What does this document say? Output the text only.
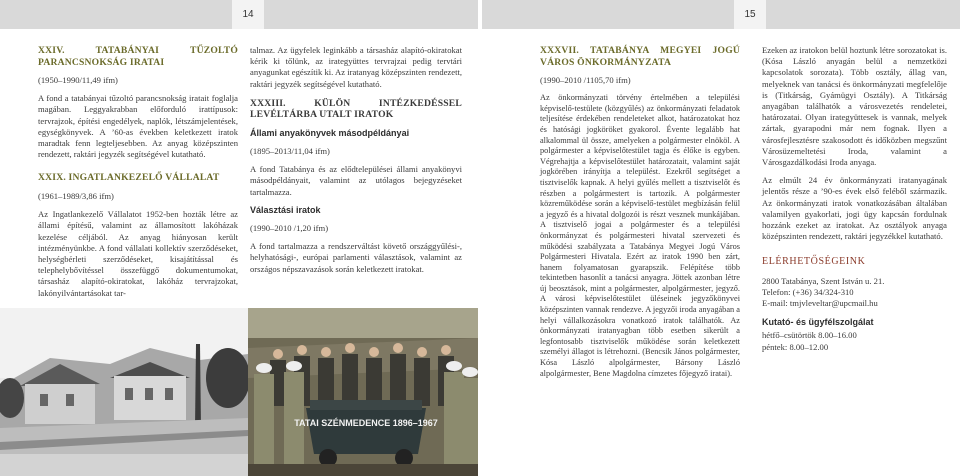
14

XXIV. TATABÁNYAI TŰZOLTÓ PARANCSNOKSÁG IRATAI

(1950–1990/11,49 ifm)

A fond a tatabányai tűzoltó parancsnokság iratait foglalja magában. Leggyakrabban előforduló irattípusok: tervrajzok, építési engedélyek, naplók, létszámjelentések, egységkönyvek. A ’60-as években keletkezett iratok maradtak fenn legteljesebben. Az anyag középszinten rendezett, raktári jegyzék segítségével kutatható.

XXIX. INGATLANKEZELŐ VÁLLALAT

(1961–1989/3,86 ifm)

Az Ingatlankezelő Vállalatot 1952-ben hozták létre az állami építésű, valamint az államosított lakóházak kezelése céljából. Az anyag hiányosan került intézményünkbe. A fond vállalati kollektív szerződéseket, helységbérleti szerződéseket, kisajátítással és telephelybővítéssel összefüggő dokumentumokat, társasház alapító-okiratokat, lakóház tervrajzokat, lakónyilvántartásokat tar-

talmaz. Az ügyfelek leginkább a társasház alapító-okiratokat kérik ki tőlünk, az irategyüttes tervrajzai pedig tervtári anyagunkat egészítik ki. Az iratanyag középszinten rendezett, raktári jegyzék segítségével kutatható.

XXXIII. KÜLÖN INTÉZKEDÉSSEL LEVÉLTÁRBA UTALT IRATOK

Állami anyakönyvek másodpéldányai

(1895–2013/11,04 ifm)

A fond Tatabánya és az elődtelepülései állami anyakönyvi másodpéldányait, valamint az utólagos bejegyzéseket tartalmazza.

Választási iratok

(1990–2010 /1,20 ifm)

A fond tartalmazza a rendszerváltást követő országgyűlési-, helyhatósági-, európai parlamenti választások, valamint az országos népszavazások során keletkezett iratokat.

TATAI SZÉNMEDENCE 1896–1967
15

XXXVII. TATABÁNYA MEGYEI JOGÚ VÁROS ÖNKORMÁNYZATA

(1990–2010 /1105,70 ifm)

Az önkormányzati törvény értelmében a települési képviselő-testülete (közgyűlés) az önkormányzati feladatok teljesítése érdekében rendeleteket alkot, határozatokat hoz és hatósági jogköröket gyakorol. Évente legalább hat alkalommal ül össze, amelyeken a polgármester elnököl. A polgármester a képviselőtestület tagja és élőke is egyben. Végrehajtja a képviselőtestület határozatait, valamint saját jogkörében irányítja a települést. Ezekről segítséget a tisztviselők kapnak. A helyi gyűlés mellett a tisztviselőt és részben a polgármestert is tartozik. A polgármester közreműködése során a képviselő-testület megbízásán felül a jegyző és a hivatal dolgozói is részt vesznek munkájában. A tisztviselő jogai a polgármester és a települési önkormányzat és polgármesteri hivatal szervezeti és működési szabályzata a Tatabánya Megyei Jogú Város Polgármesteri Hivatala. Ezért az iratok 1990 ben zárt, hanem folyamatosan gyarapszik. Felépítése több tekintetben hasonlít a tanácsi anyagra. Jöttek azonban létre új beosztások, mint a polgármester, alpolgármester, jegyző. A városi képviselőtestület üléseinek jegyzőkönyvei középszinten vannak rendezve. A jegyzői iroda anyagában a helyi vállalkozásokra vonatkozó iratok találhatók. Az önkormányzati iratanyagban több esetben sikerült a legfontosabb tisztviselők működése során keletkezett személyi állagot is létrehozni. (Bencsik János polgármester, Kósa László alpolgármester, Bársony László alpolgármester, Bene Magdolna címzetes főjegyző iratai).

Ezeken az iratokon belül hoztunk létre sorozatokat is. (Kósa László anyagán belül a nemzetközi kapcsolatok sorozata). Több osztály, állag van, melyeknek van tanácsi és önkormányzati megfelelője is (Titkárság, Gyámügyi Osztály). A Titkárság anyagában találhatók a városvezetés rendeletei, határozatai. Olyan irategyüttesek is vannak, melyek zártak, gyarapodni már nem fognak. Ilyen a városfejlesztésre szakosodott és időközben megszűnt Városüzemeltetési Iroda, valamint a Városgazdálkodási Iroda anyaga.

Az elmúlt 24 év önkormányzati iratanyagának jelentős része a ’90-es évek első feléből származik. Az önkormányzati iratok vonatkozásában általában valamilyen gyakorlati, jogi ügy kapcsán fordulnak hozzánk ezeket az iratokat. Az osztályok anyaga középszinten rendezett, raktári jegyzékkel kutatható.

ELÉRHETŐSÉGEINK

2800 Tatabánya, Szent István u. 21.

Telefon: (+36) 34/324-310

E-mail: tmjvleveltar@upcmail.hu

Kutató- és ügyfélszolgálat

hétfő–csütörtök 8.00–16.00

péntek: 8.00–12.00
